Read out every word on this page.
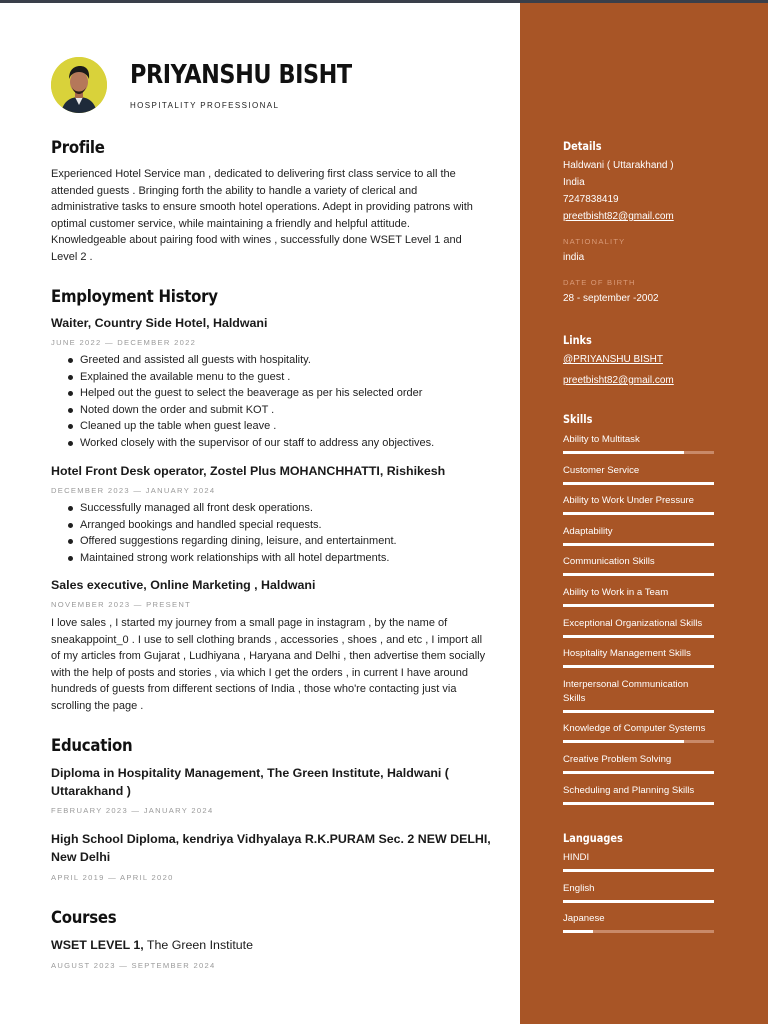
PRIYANSHU BISHT
HOSPITALITY PROFESSIONAL
Profile
Experienced Hotel Service man , dedicated to delivering first class service to all the attended guests . Bringing forth the ability to handle a variety of clerical and administrative tasks to ensure smooth hotel operations. Adept in providing patrons with optimal customer service, while maintaining a friendly and helpful attitude. Knowledgeable about pairing food with wines , successfully done WSET Level 1 and Level 2 .
Employment History
Waiter, Country Side Hotel, Haldwani
JUNE 2022 — DECEMBER 2022
Greeted and assisted all guests with hospitality.
Explained the available menu to the guest .
Helped out the guest to select the beaverage as per his selected order
Noted down the order and submit KOT .
Cleaned up the table when guest leave .
Worked closely with the supervisor of our staff to address any objectives.
Hotel Front Desk operator, Zostel Plus MOHANCHHATTI, Rishikesh
DECEMBER 2023 — JANUARY 2024
Successfully managed all front desk operations.
Arranged bookings and handled special requests.
Offered suggestions regarding dining, leisure, and entertainment.
Maintained strong work relationships with all hotel departments.
Sales executive, Online Marketing , Haldwani
NOVEMBER 2023 — PRESENT
I love sales , I started my journey from a small page in instagram , by the name of sneakappoint_0 . I use to sell clothing brands , accessories , shoes , and etc , I import all of my articles from Gujarat , Ludhiyana , Haryana and Delhi , then advertise them socially with the help of posts and stories , via which I get the orders , in current I have around hundreds of guests from different sections of India , those who're contacting just via scrolling the page .
Education
Diploma in Hospitality Management, The Green Institute, Haldwani ( Uttarakhand )
FEBRUARY 2023 — JANUARY 2024
High School Diploma, kendriya Vidhyalaya R.K.PURAM Sec. 2 NEW DELHI, New Delhi
APRIL 2019 — APRIL 2020
Courses
WSET LEVEL 1, The Green Institute
AUGUST 2023 — SEPTEMBER 2024
Details
Haldwani ( Uttarakhand )
India
7247838419
preetbisht82@gmail.com
NATIONALITY
india
DATE OF BIRTH
28 - september -2002
Links
@PRIYANSHU BISHT
preetbisht82@gmail.com
Skills
Ability to Multitask
Customer Service
Ability to Work Under Pressure
Adaptability
Communication Skills
Ability to Work in a Team
Exceptional Organizational Skills
Hospitality Management Skills
Interpersonal Communication Skills
Knowledge of Computer Systems
Creative Problem Solving
Scheduling and Planning Skills
Languages
HINDI
English
Japanese
